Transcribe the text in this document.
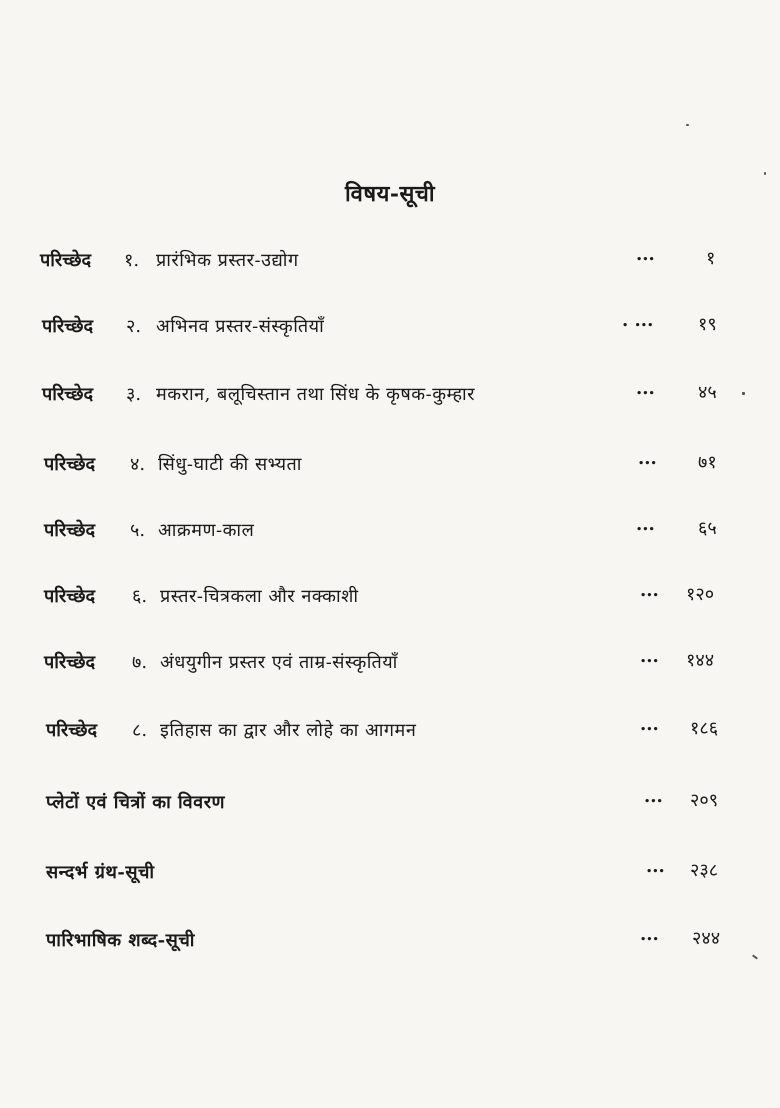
विषय-सूची
परिच्छेद १. प्रारंभिक प्रस्तर-उद्योग	...	१
परिच्छेद २. अभिनव प्रस्तर-संस्कृतियाँ	. ... १९
परिच्छेद ३. मकरान, बलूचिस्तान तथा सिंध के कृषक-कुम्हार	... ४५
परिच्छेद ४. सिंधु-घाटी की सभ्यता	... ७१
परिच्छेद ५. आक्रमण-काल	... ६५
परिच्छेद ६. प्रस्तर-चित्रकला और नक्काशी	... १२०
परिच्छेद ७. अंधयुगीन प्रस्तर एवं ताम्र-संस्कृतियाँ	... १४४
परिच्छेद ८. इतिहास का द्वार और लोहे का आगमन	... १८६
प्लेटों एवं चित्रों का विवरण	... २०९
सन्दर्भ ग्रंथ-सूची	... २३८
पारिभाषिक शब्द-सूची	... २४४
